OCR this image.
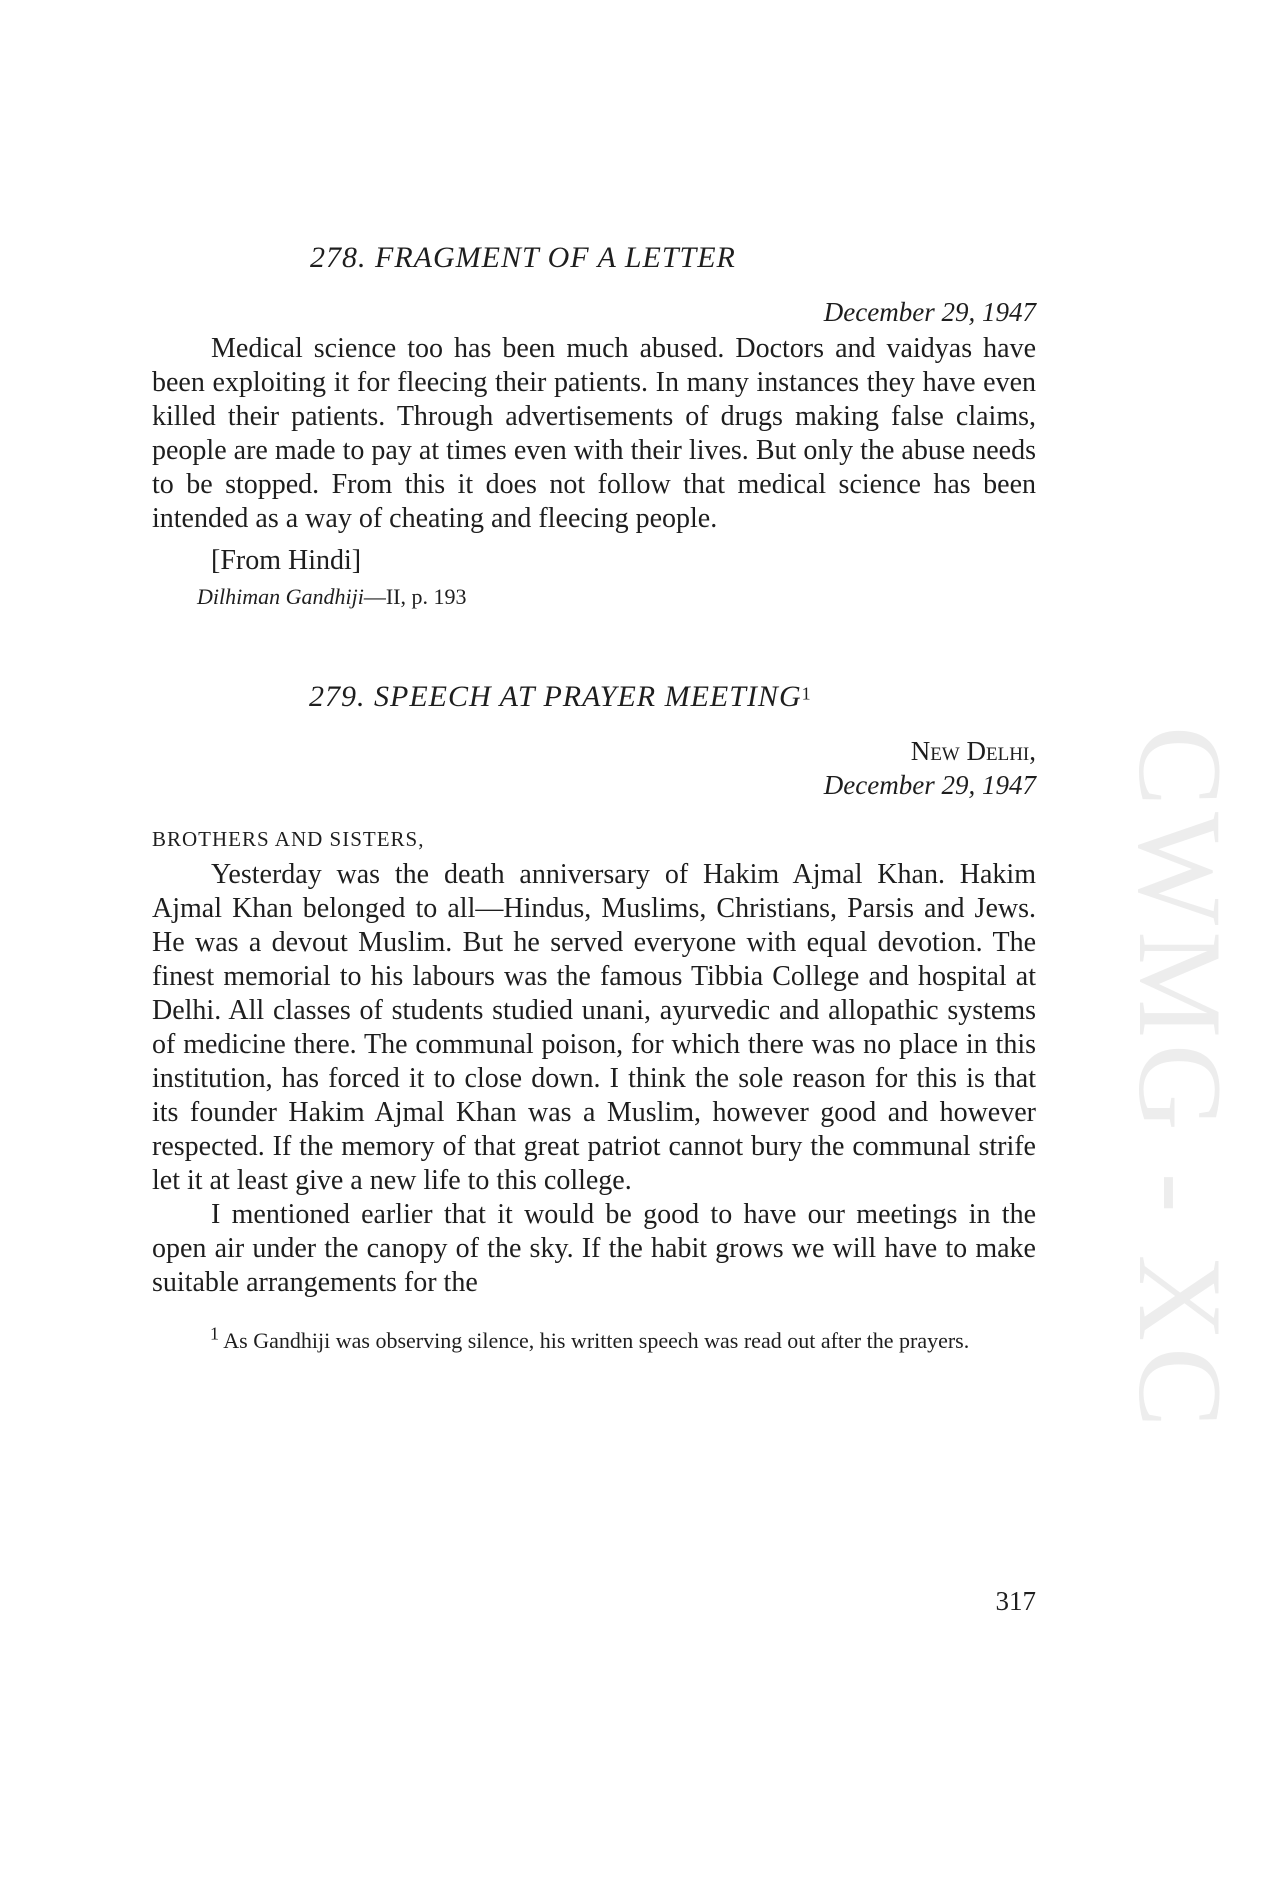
CWMG - XC
278. FRAGMENT OF A LETTER
December 29, 1947

Medical science too has been much abused. Doctors and vaidyas have been exploiting it for fleecing their patients. In many instances they have even killed their patients. Through advertisements of drugs making false claims, people are made to pay at times even with their lives. But only the abuse needs to be stopped. From this it does not follow that medical science has been intended as a way of cheating and fleecing people.

[From Hindi]
Dilhiman Gandhiji—II, p. 193
279. SPEECH AT PRAYER MEETING1
New Delhi,
December 29, 1947
BROTHERS AND SISTERS,

Yesterday was the death anniversary of Hakim Ajmal Khan. Hakim Ajmal Khan belonged to all—Hindus, Muslims, Christians, Parsis and Jews. He was a devout Muslim. But he served everyone with equal devotion. The finest memorial to his labours was the famous Tibbia College and hospital at Delhi. All classes of students studied unani, ayurvedic and allopathic systems of medicine there. The communal poison, for which there was no place in this institution, has forced it to close down. I think the sole reason for this is that its founder Hakim Ajmal Khan was a Muslim, however good and however respected. If the memory of that great patriot cannot bury the communal strife let it at least give a new life to this college.

I mentioned earlier that it would be good to have our meetings in the open air under the canopy of the sky. If the habit grows we will have to make suitable arrangements for the

$^1$ As Gandhiji was observing silence, his written speech was read out after the prayers.

317
